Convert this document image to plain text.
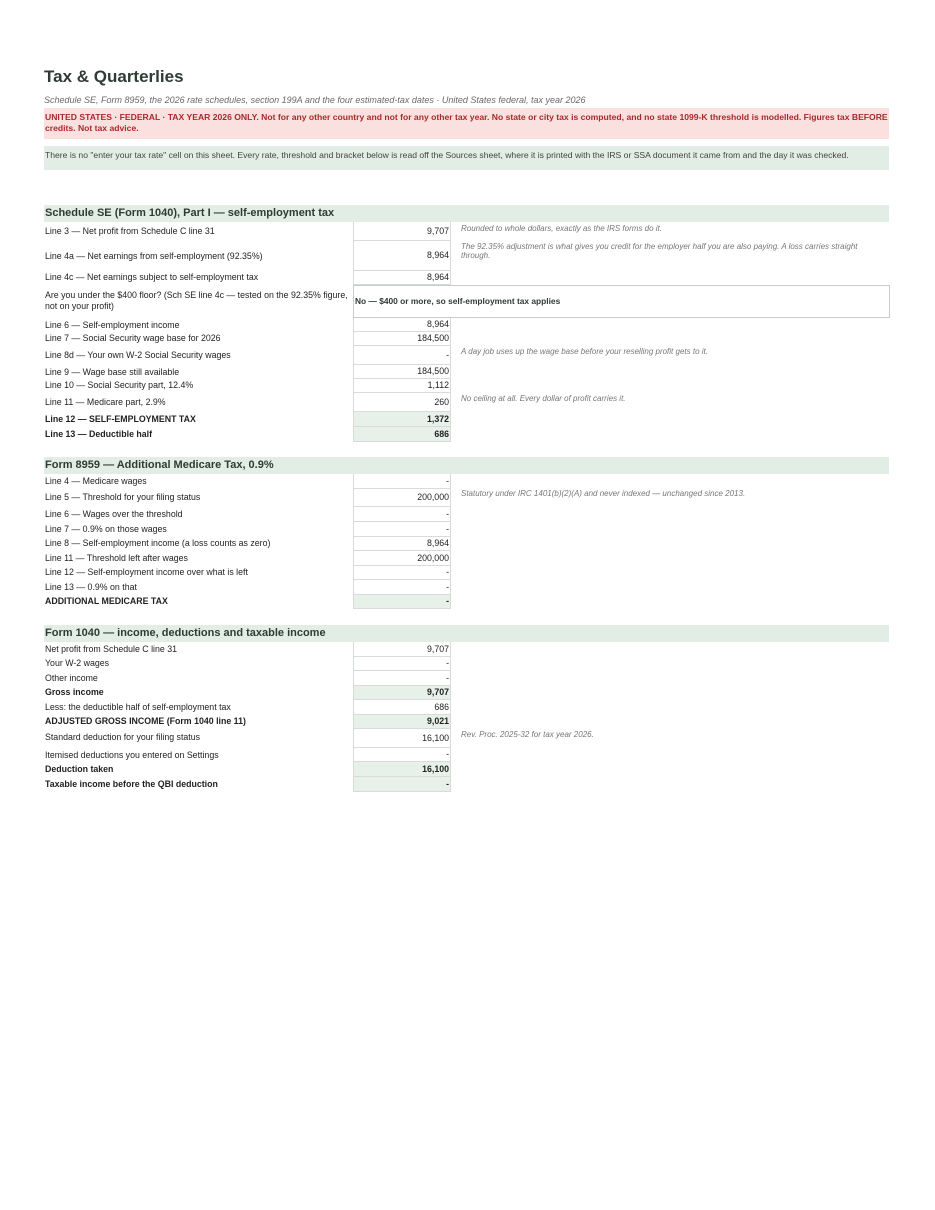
Tax & Quarterlies
Schedule SE, Form 8959, the 2026 rate schedules, section 199A and the four estimated-tax dates · United States federal, tax year 2026
UNITED STATES · FEDERAL · TAX YEAR 2026 ONLY. Not for any other country and not for any other tax year. No state or city tax is computed, and no state 1099-K threshold is modelled. Figures tax BEFORE credits. Not tax advice.
There is no "enter your tax rate" cell on this sheet. Every rate, threshold and bracket below is read off the Sources sheet, where it is printed with the IRS or SSA document it came from and the day it was checked.
Schedule SE (Form 1040), Part I — self-employment tax
Line 3 — Net profit from Schedule C line 31	9,707 Rounded to whole dollars, exactly as the IRS forms do it.
Line 4a — Net earnings from self-employment (92.35%)	8,964
The 92.35% adjustment is what gives you credit for the employer half you are also paying. A loss carries straight through.
Line 4c — Net earnings subject to self-employment tax	8,964
Are you under the $400 floor? (Sch SE line 4c — tested on the 92.35% figure, not on your profit)	No — $400 or more, so self-employment tax applies
Line 6 — Self-employment income	8,964
Line 7 — Social Security wage base for 2026	184,500
Line 8d — Your own W-2 Social Security wages	- A day job uses up the wage base before your reselling profit gets to it.
Line 9 — Wage base still available	184,500
Line 10 — Social Security part, 12.4%	1,112
Line 11 — Medicare part, 2.9%	260 No ceiling at all. Every dollar of profit carries it.
Line 12 — SELF-EMPLOYMENT TAX	1,372
Line 13 — Deductible half	686
Form 8959 — Additional Medicare Tax, 0.9%
Line 4 — Medicare wages	-
Line 5 — Threshold for your filing status	200,000 Statutory under IRC 1401(b)(2)(A) and never indexed — unchanged since 2013.
Line 6 — Wages over the threshold	-
Line 7 — 0.9% on those wages	-
Line 8 — Self-employment income (a loss counts as zero)	8,964
Line 11 — Threshold left after wages	200,000
Line 12 — Self-employment income over what is left	-
Line 13 — 0.9% on that	-
ADDITIONAL MEDICARE TAX	-
Form 1040 — income, deductions and taxable income
Net profit from Schedule C line 31	9,707
Your W-2 wages	-
Other income	-
Gross income	9,707
Less: the deductible half of self-employment tax	686
ADJUSTED GROSS INCOME (Form 1040 line 11)	9,021
Standard deduction for your filing status	16,100 Rev. Proc. 2025-32 for tax year 2026.
Itemised deductions you entered on Settings	-
Deduction taken	16,100
Taxable income before the QBI deduction	-
